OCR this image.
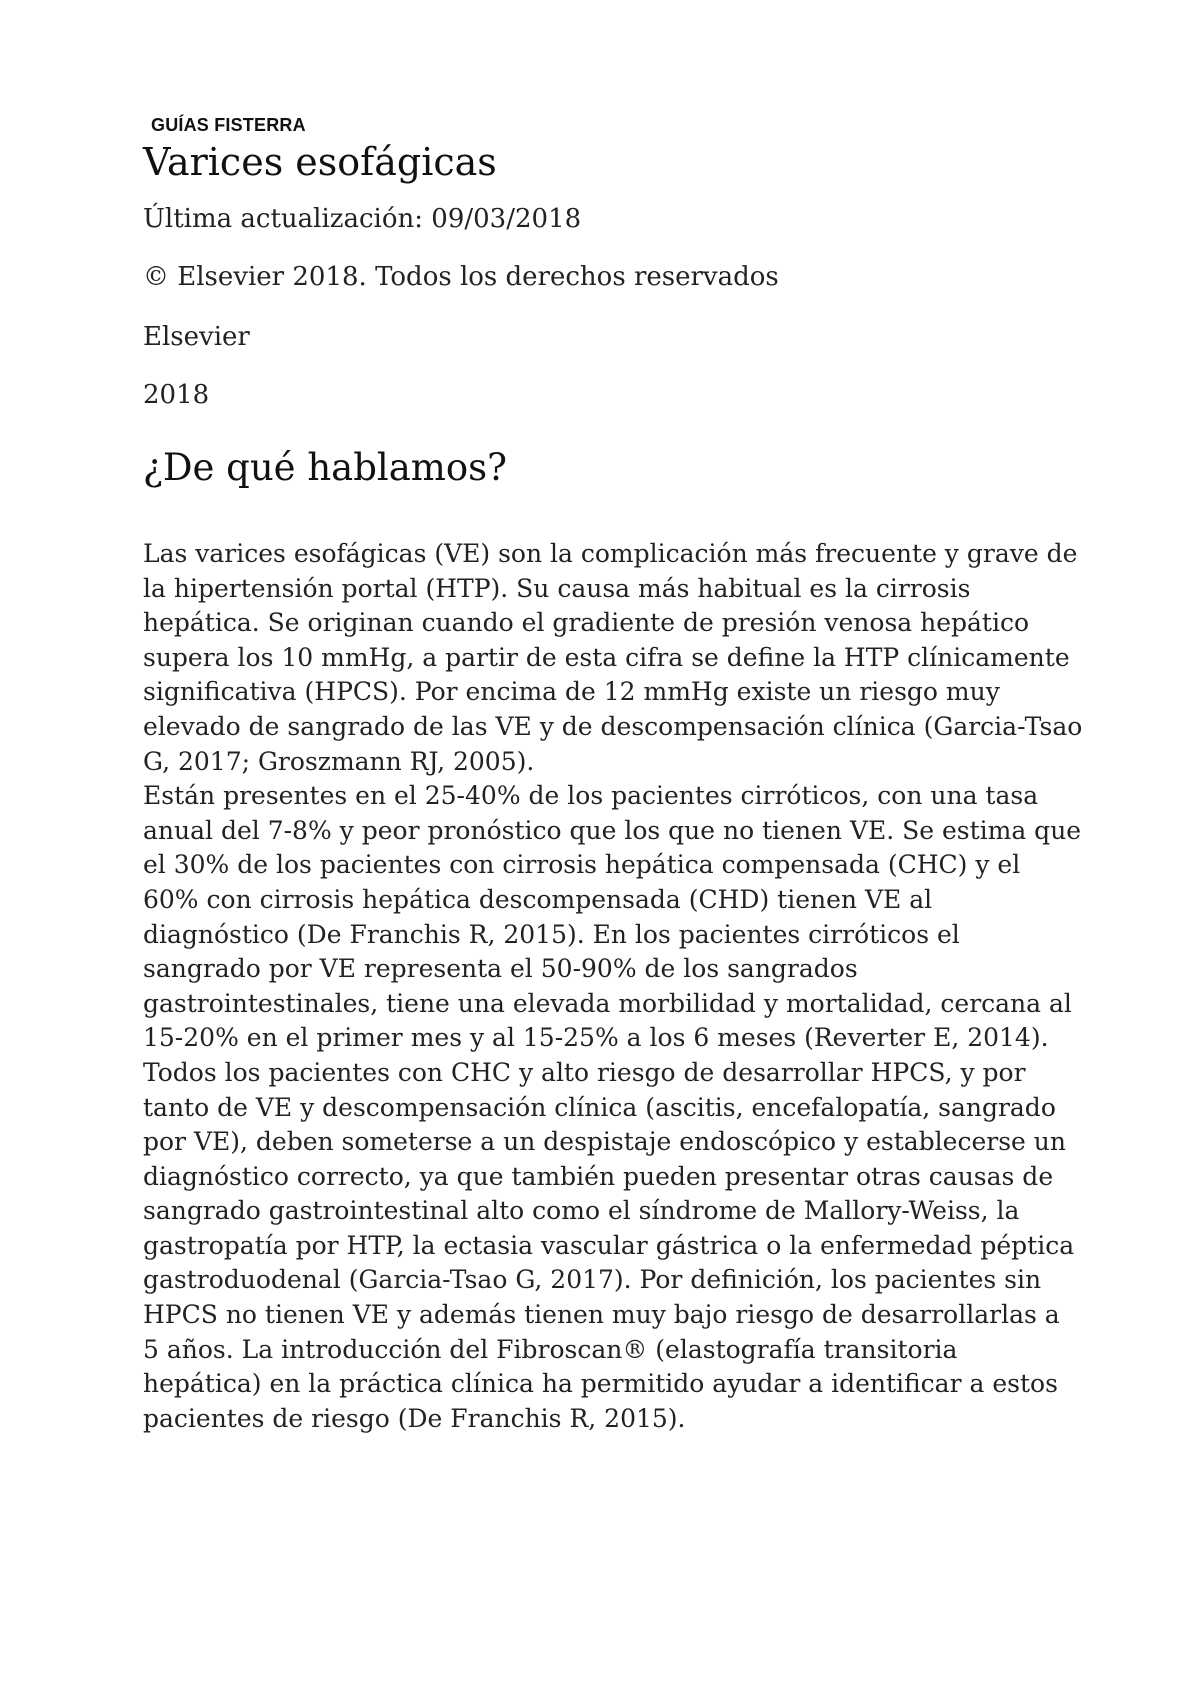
GUÍAS FISTERRA
Varices esofágicas

Última actualización: 09/03/2018

© Elsevier 2018. Todos los derechos reservados

Elsevier

2018

¿De qué hablamos?

Las varices esofágicas (VE) son la complicación más frecuente y grave de la hipertensión portal (HTP). Su causa más habitual es la cirrosis hepática. Se originan cuando el gradiente de presión venosa hepático supera los 10 mmHg, a partir de esta cifra se define la HTP clínicamente significativa (HPCS). Por encima de 12 mmHg existe un riesgo muy elevado de sangrado de las VE y de descompensación clínica (Garcia-Tsao G, 2017; Groszmann RJ, 2005).

Están presentes en el 25-40% de los pacientes cirróticos, con una tasa anual del 7-8% y peor pronóstico que los que no tienen VE. Se estima que el 30% de los pacientes con cirrosis hepática compensada (CHC) y el 60% con cirrosis hepática descompensada (CHD) tienen VE al diagnóstico (De Franchis R, 2015). En los pacientes cirróticos el sangrado por VE representa el 50-90% de los sangrados gastrointestinales, tiene una elevada morbilidad y mortalidad, cercana al 15-20% en el primer mes y al 15-25% a los 6 meses (Reverter E, 2014).

Todos los pacientes con CHC y alto riesgo de desarrollar HPCS, y por tanto de VE y descompensación clínica (ascitis, encefalopatía, sangrado por VE), deben someterse a un despistaje endoscópico y establecerse un diagnóstico correcto, ya que también pueden presentar otras causas de sangrado gastrointestinal alto como el síndrome de Mallory-Weiss, la gastropatía por HTP, la ectasia vascular gástrica o la enfermedad péptica gastroduodenal (Garcia-Tsao G, 2017). Por definición, los pacientes sin HPCS no tienen VE y además tienen muy bajo riesgo de desarrollarlas a 5 años. La introducción del Fibroscan® (elastografía transitoria hepática) en la práctica clínica ha permitido ayudar a identificar a estos pacientes de riesgo (De Franchis R, 2015).
